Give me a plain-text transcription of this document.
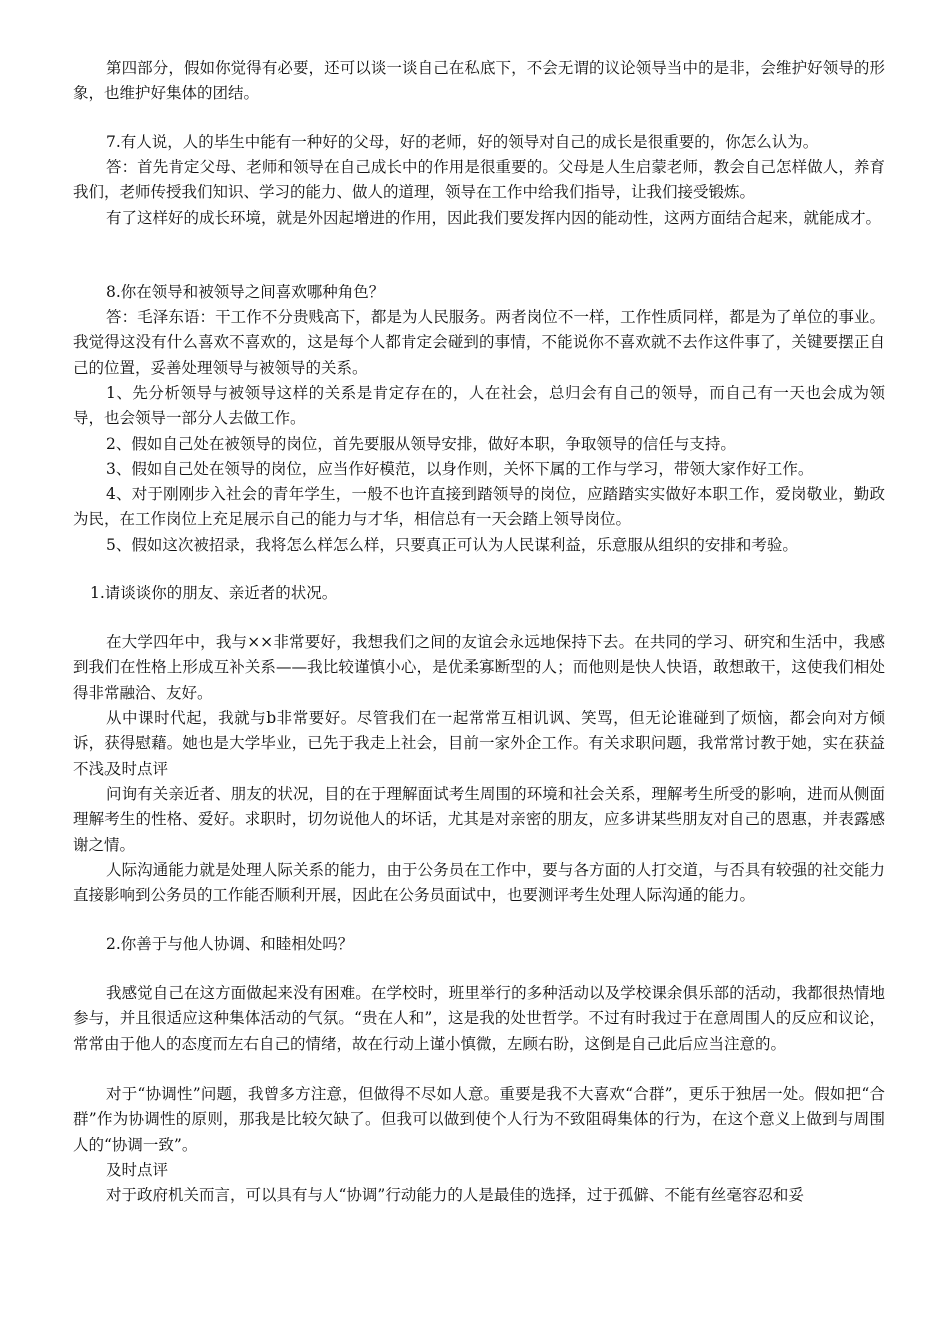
第四部分，假如你觉得有必要，还可以谈一谈自己在私底下，不会无谓的议论领导当中的是非，会维护好领导的形象，也维护好集体的团结。

7.有人说，人的毕生中能有一种好的父母，好的老师，好的领导对自己的成长是很重要的，你怎么认为。

答：首先肯定父母、老师和领导在自己成长中的作用是很重要的。父母是人生启蒙老师，教会自己怎样做人，养育我们，老师传授我们知识、学习的能力、做人的道理，领导在工作中给我们指导，让我们接受锻炼。

有了这样好的成长环境，就是外因起增进的作用，因此我们要发挥内因的能动性，这两方面结合起来，就能成才。

8.你在领导和被领导之间喜欢哪种角色？

答：毛泽东语：干工作不分贵贱高下，都是为人民服务。两者岗位不一样，工作性质同样，都是为了单位的事业。我觉得这没有什么喜欢不喜欢的，这是每个人都肯定会碰到的事情，不能说你不喜欢就不去作这件事了，关键要摆正自己的位置，妥善处理领导与被领导的关系。

1、先分析领导与被领导这样的关系是肯定存在的，人在社会，总归会有自己的领导，而自己有一天也会成为领导，也会领导一部分人去做工作。

2、假如自己处在被领导的岗位，首先要服从领导安排，做好本职，争取领导的信任与支持。

3、假如自己处在领导的岗位，应当作好模范，以身作则，关怀下属的工作与学习，带领大家作好工作。

4、对于刚刚步入社会的青年学生，一般不也许直接到踏领导的岗位，应踏踏实实做好本职工作，爱岗敬业，勤政为民，在工作岗位上充足展示自己的能力与才华，相信总有一天会踏上领导岗位。

5、假如这次被招录，我将怎么样怎么样，只要真正可认为人民谋利益，乐意服从组织的安排和考验。

1.请谈谈你的朋友、亲近者的状况。

在大学四年中，我与××非常要好，我想我们之间的友谊会永远地保持下去。在共同的学习、研究和生活中，我感到我们在性格上形成互补关系——我比较谨慎小心，是优柔寡断型的人；而他则是快人快语，敢想敢干，这使我们相处得非常融洽、友好。

从中课时代起，我就与b非常要好。尽管我们在一起常常互相讥讽、笑骂，但无论谁碰到了烦恼，都会向对方倾诉，获得慰藉。她也是大学毕业，已先于我走上社会，目前一家外企工作。有关求职问题，我常常讨教于她，实在获益不浅。

及时点评

问询有关亲近者、朋友的状况，目的在于理解面试考生周围的环境和社会关系，理解考生所受的影响，进而从侧面理解考生的性格、爱好。求职时，切勿说他人的坏话，尤其是对亲密的朋友，应多讲某些朋友对自己的恩惠，并表露感谢之情。

人际沟通能力就是处理人际关系的能力，由于公务员在工作中，要与各方面的人打交道，与否具有较强的社交能力直接影响到公务员的工作能否顺利开展，因此在公务员面试中，也要测评考生处理人际沟通的能力。

2.你善于与他人协调、和睦相处吗？

我感觉自己在这方面做起来没有困难。在学校时，班里举行的多种活动以及学校课余俱乐部的活动，我都很热情地参与，并且很适应这种集体活动的气氛。“贵在人和”，这是我的处世哲学。不过有时我过于在意周围人的反应和议论，常常由于他人的态度而左右自己的情绪，故在行动上谨小慎微，左顾右盼，这倒是自己此后应当注意的。

对于“协调性”问题，我曾多方注意，但做得不尽如人意。重要是我不大喜欢“合群”，更乐于独居一处。假如把“合群”作为协调性的原则，那我是比较欠缺了。但我可以做到使个人行为不致阻碍集体的行为，在这个意义上做到与周围人的“协调一致”。

及时点评

对于政府机关而言，可以具有与人“协调”行动能力的人是最佳的选择，过于孤僻、不能有丝毫容忍和妥
